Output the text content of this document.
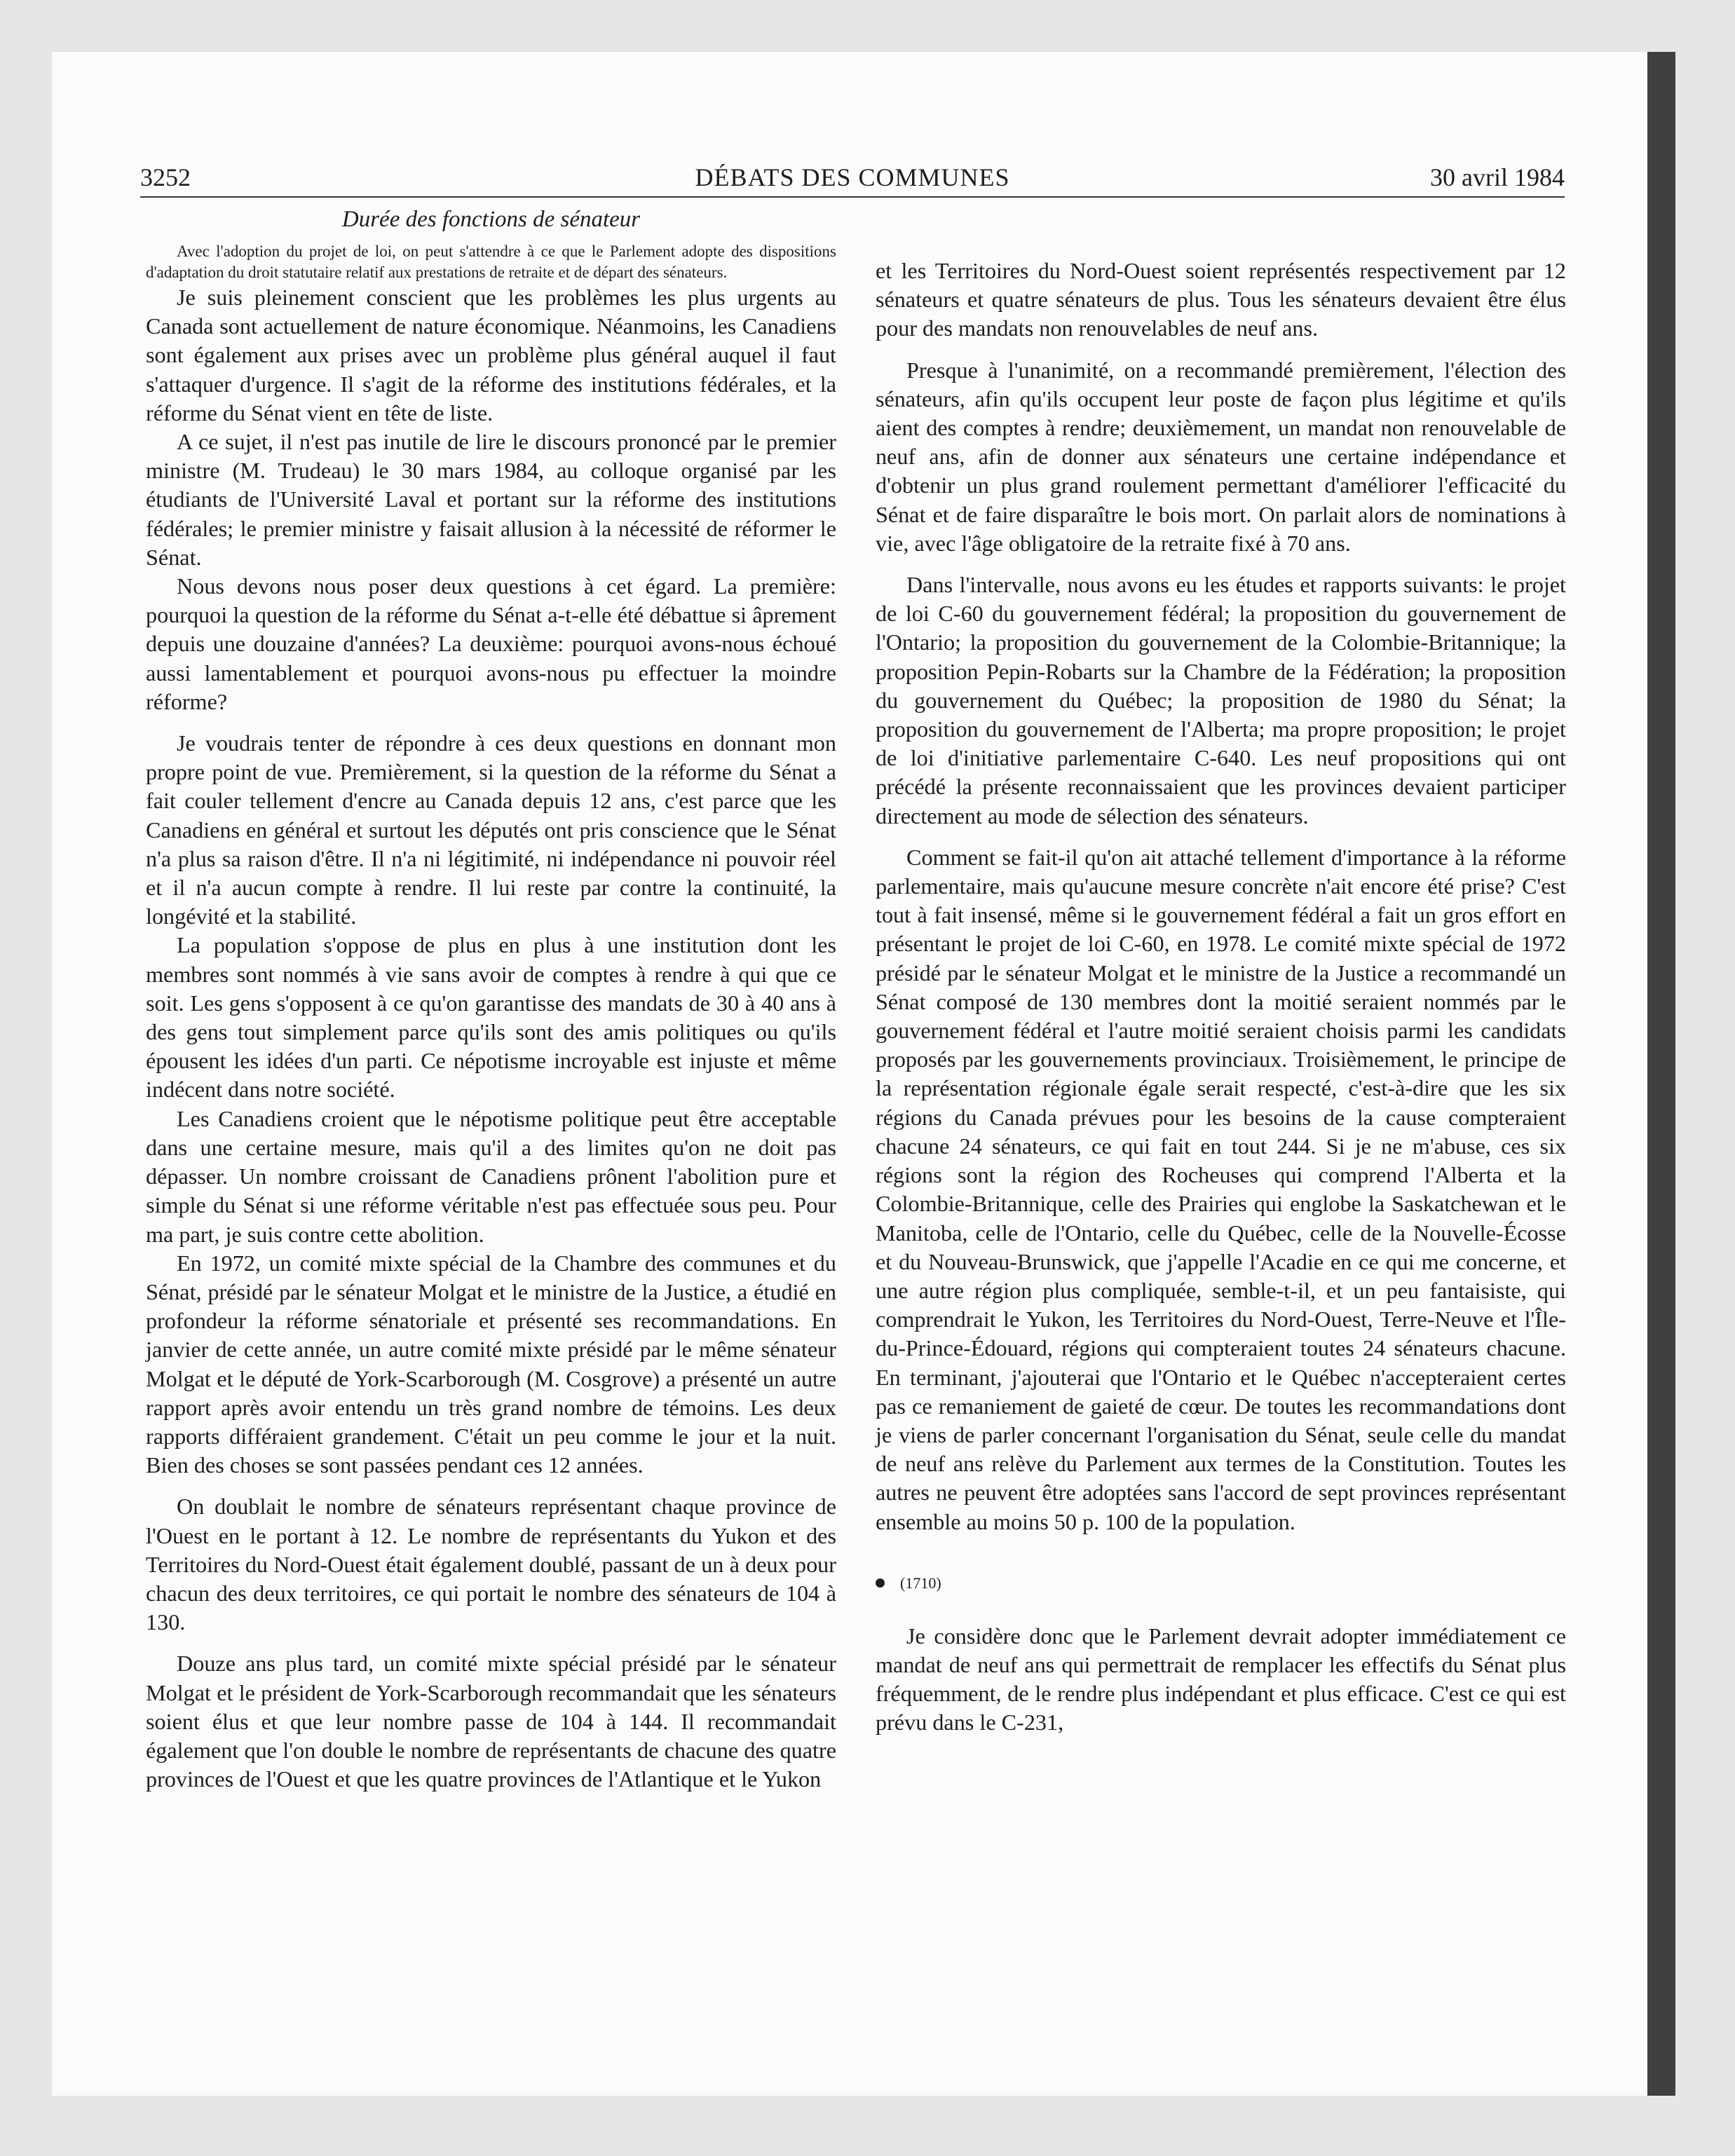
3252	DÉBATS DES COMMUNES	30 avril 1984
Durée des fonctions de sénateur

Avec l'adoption du projet de loi, on peut s'attendre à ce que le Parlement adopte des dispositions d'adaptation du droit statutaire relatif aux prestations de retraite et de départ des sénateurs.

Je suis pleinement conscient que les problèmes les plus urgents au Canada sont actuellement de nature économique. Néanmoins, les Canadiens sont également aux prises avec un problème plus général auquel il faut s'attaquer d'urgence. Il s'agit de la réforme des institutions fédérales, et la réforme du Sénat vient en tête de liste.

A ce sujet, il n'est pas inutile de lire le discours prononcé par le premier ministre (M. Trudeau) le 30 mars 1984, au colloque organisé par les étudiants de l'Université Laval et portant sur la réforme des institutions fédérales; le premier ministre y faisait allusion à la nécessité de réformer le Sénat.

Nous devons nous poser deux questions à cet égard. La première: pourquoi la question de la réforme du Sénat a-t-elle été débattue si âprement depuis une douzaine d'années? La deuxième: pourquoi avons-nous échoué aussi lamentablement et pourquoi avons-nous pu effectuer la moindre réforme?

Je voudrais tenter de répondre à ces deux questions en donnant mon propre point de vue. Premièrement, si la question de la réforme du Sénat a fait couler tellement d'encre au Canada depuis 12 ans, c'est parce que les Canadiens en général et surtout les députés ont pris conscience que le Sénat n'a plus sa raison d'être. Il n'a ni légitimité, ni indépendance ni pouvoir réel et il n'a aucun compte à rendre. Il lui reste par contre la continuité, la longévité et la stabilité.

La population s'oppose de plus en plus à une institution dont les membres sont nommés à vie sans avoir de comptes à rendre à qui que ce soit. Les gens s'opposent à ce qu'on garantisse des mandats de 30 à 40 ans à des gens tout simplement parce qu'ils sont des amis politiques ou qu'ils épousent les idées d'un parti. Ce népotisme incroyable est injuste et même indécent dans notre société.

Les Canadiens croient que le népotisme politique peut être acceptable dans une certaine mesure, mais qu'il a des limites qu'on ne doit pas dépasser. Un nombre croissant de Canadiens prônent l'abolition pure et simple du Sénat si une réforme véritable n'est pas effectuée sous peu. Pour ma part, je suis contre cette abolition.

En 1972, un comité mixte spécial de la Chambre des communes et du Sénat, présidé par le sénateur Molgat et le ministre de la Justice, a étudié en profondeur la réforme sénatoriale et présenté ses recommandations. En janvier de cette année, un autre comité mixte présidé par le même sénateur Molgat et le député de York-Scarborough (M. Cosgrove) a présenté un autre rapport après avoir entendu un très grand nombre de témoins. Les deux rapports différaient grandement. C'était un peu comme le jour et la nuit. Bien des choses se sont passées pendant ces 12 années.

On doublait le nombre de sénateurs représentant chaque province de l'Ouest en le portant à 12. Le nombre de représentants du Yukon et des Territoires du Nord-Ouest était également doublé, passant de un à deux pour chacun des deux territoires, ce qui portait le nombre des sénateurs de 104 à 130.

Douze ans plus tard, un comité mixte spécial présidé par le sénateur Molgat et le président de York-Scarborough recommandait que les sénateurs soient élus et que leur nombre passe de 104 à 144. Il recommandait également que l'on double le nombre de représentants de chacune des quatre provinces de l'Ouest et que les quatre provinces de l'Atlantique et le Yukon

et les Territoires du Nord-Ouest soient représentés respectivement par 12 sénateurs et quatre sénateurs de plus. Tous les sénateurs devaient être élus pour des mandats non renouvelables de neuf ans.

Presque à l'unanimité, on a recommandé premièrement, l'élection des sénateurs, afin qu'ils occupent leur poste de façon plus légitime et qu'ils aient des comptes à rendre; deuxièmement, un mandat non renouvelable de neuf ans, afin de donner aux sénateurs une certaine indépendance et d'obtenir un plus grand roulement permettant d'améliorer l'efficacité du Sénat et de faire disparaître le bois mort. On parlait alors de nominations à vie, avec l'âge obligatoire de la retraite fixé à 70 ans.

Dans l'intervalle, nous avons eu les études et rapports suivants: le projet de loi C-60 du gouvernement fédéral; la proposition du gouvernement de l'Ontario; la proposition du gouvernement de la Colombie-Britannique; la proposition Pepin-Robarts sur la Chambre de la Fédération; la proposition du gouvernement du Québec; la proposition de 1980 du Sénat; la proposition du gouvernement de l'Alberta; ma propre proposition; le projet de loi d'initiative parlementaire C-640. Les neuf propositions qui ont précédé la présente reconnaissaient que les provinces devaient participer directement au mode de sélection des sénateurs.

Comment se fait-il qu'on ait attaché tellement d'importance à la réforme parlementaire, mais qu'aucune mesure concrète n'ait encore été prise? C'est tout à fait insensé, même si le gouvernement fédéral a fait un gros effort en présentant le projet de loi C-60, en 1978. Le comité mixte spécial de 1972 présidé par le sénateur Molgat et le ministre de la Justice a recommandé un Sénat composé de 130 membres dont la moitié seraient nommés par le gouvernement fédéral et l'autre moitié seraient choisis parmi les candidats proposés par les gouvernements provinciaux. Troisièmement, le principe de la représentation régionale égale serait respecté, c'est-à-dire que les six régions du Canada prévues pour les besoins de la cause compteraient chacune 24 sénateurs, ce qui fait en tout 244. Si je ne m'abuse, ces six régions sont la région des Rocheuses qui comprend l'Alberta et la Colombie-Britannique, celle des Prairies qui englobe la Saskatchewan et le Manitoba, celle de l'Ontario, celle du Québec, celle de la Nouvelle-Écosse et du Nouveau-Brunswick, que j'appelle l'Acadie en ce qui me concerne, et une autre région plus compliquée, semble-t-il, et un peu fantaisiste, qui comprendrait le Yukon, les Territoires du Nord-Ouest, Terre-Neuve et l'Île-du-Prince-Édouard, régions qui compteraient toutes 24 sénateurs chacune. En terminant, j'ajouterai que l'Ontario et le Québec n'accepteraient certes pas ce remaniement de gaieté de cœur. De toutes les recommandations dont je viens de parler concernant l'organisation du Sénat, seule celle du mandat de neuf ans relève du Parlement aux termes de la Constitution. Toutes les autres ne peuvent être adoptées sans l'accord de sept provinces représentant ensemble au moins 50 p. 100 de la population.

(1710)

Je considère donc que le Parlement devrait adopter immédiatement ce mandat de neuf ans qui permettrait de remplacer les effectifs du Sénat plus fréquemment, de le rendre plus indépendant et plus efficace. C'est ce qui est prévu dans le C-231,
